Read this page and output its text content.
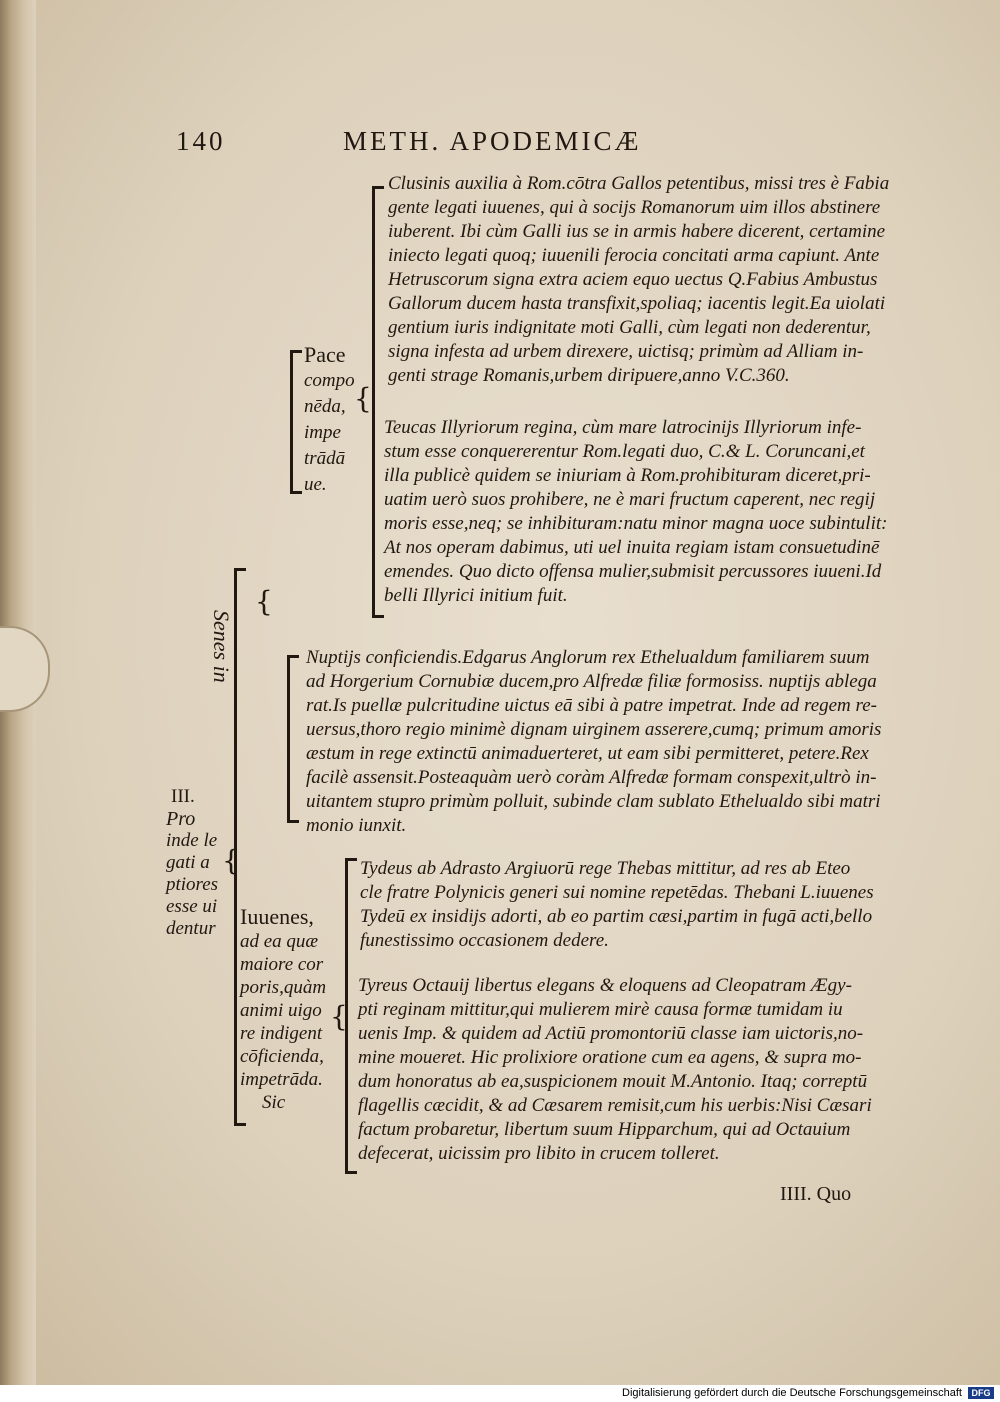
140	METH. APODEMICÆ
{
{
{
{
III.
Pro
inde le
gati a
ptiores
esse ui
dentur
Senes in
Pace
compo
nēda,
impe
trādā
ue.
Iuuenes,
ad ea quæ
maiore cor
poris,quàm
animi uigo
re indigent
cōficienda,
impetrāda.
Sic
Clusinis auxilia à Rom.cōtra Gallos petentibus, missi tres è Fabia
gente legati iuuenes, qui à socijs Romanorum uim illos abstinere
iuberent. Ibi cùm Galli ius se in armis habere dicerent, certamine
iniecto legati quoq; iuuenili ferocia concitati arma capiunt. Ante
Hetruscorum signa extra aciem equo uectus Q.Fabius Ambustus
Gallorum ducem hasta transfixit,spoliaq; iacentis legit.Ea uiolati
gentium iuris indignitate moti Galli, cùm legati non dederentur,
signa infesta ad urbem direxere, uictisq; primùm ad Alliam in-
genti strage Romanis,urbem diripuere,anno V.C.360.
Teucas Illyriorum regina, cùm mare latrocinijs Illyriorum infe-
stum esse conquererentur Rom.legati duo, C.& L. Coruncani,et
illa publicè quidem se iniuriam à Rom.prohibituram diceret,pri-
uatim uerò suos prohibere, ne è mari fructum caperent, nec regij
moris esse,neq; se inhibituram:natu minor magna uoce subintulit:
At nos operam dabimus, uti uel inuita regiam istam consuetudinē
emendes. Quo dicto offensa mulier,submisit percussores iuueni.Id
belli Illyrici initium fuit.
Nuptijs conficiendis.Edgarus Anglorum rex Ethelualdum familiarem suum
ad Horgerium Cornubiæ ducem,pro Alfredæ filiæ formosiss. nuptijs ablega
rat.Is puellæ pulcritudine uictus eā sibi à patre impetrat. Inde ad regem re-
uersus,thoro regio minimè dignam uirginem asserere,cumq; primum amoris
æstum in rege extinctū animaduerteret, ut eam sibi permitteret, petere.Rex
facilè assensit.Posteaquàm uerò coràm Alfredæ formam conspexit,ultrò in-
uitantem stupro primùm polluit, subinde clam sublato Ethelualdo sibi matri
monio iunxit.
Tydeus ab Adrasto Argiuorū rege Thebas mittitur, ad res ab Eteo
cle fratre Polynicis generi sui nomine repetēdas. Thebani L.iuuenes
Tydeū ex insidijs adorti, ab eo partim cæsi,partim in fugā acti,bello
funestissimo occasionem dedere.
Tyreus Octauij libertus elegans & eloquens ad Cleopatram Ægy-
pti reginam mittitur,qui mulierem mirè causa formæ tumidam iu
uenis Imp. & quidem ad Actiū promontoriū classe iam uictoris,no-
mine moueret. Hic prolixiore oratione cum ea agens, & supra mo-
dum honoratus ab ea,suspicionem mouit M.Antonio. Itaq; correptū
flagellis cæcidit, & ad Cæsarem remisit,cum his uerbis:Nisi Cæsari
factum probaretur, libertum suum Hipparchum, qui ad Octauium
defecerat, uicissim pro libito in crucem tolleret.
IIII. Quo
Digitalisierung gefördert durch die Deutsche Forschungsgemeinschaft	DFG
